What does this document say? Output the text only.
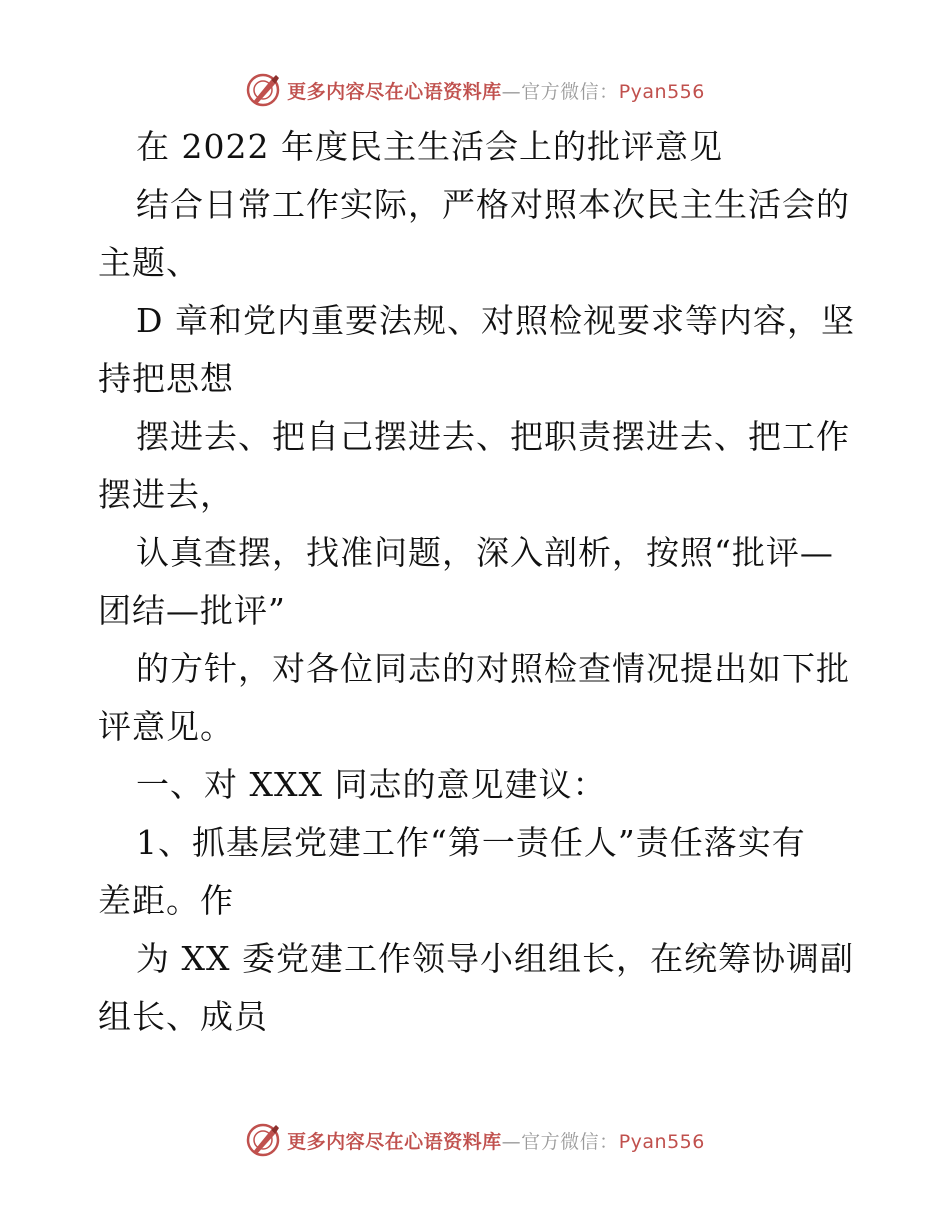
更多内容尽在心语资料库—官方微信：Pyan556
在 2022 年度民主生活会上的批评意见
结合日常工作实际，严格对照本次民主生活会的
主题、
D 章和党内重要法规、对照检视要求等内容，坚
持把思想
摆进去、把自己摆进去、把职责摆进去、把工作
摆进去，
认真查摆，找准问题，深入剖析，按照“批评—
团结—批评”
的方针，对各位同志的对照检查情况提出如下批
评意见。
一、对 XXX 同志的意见建议：
1、抓基层党建工作“第一责任人”责任落实有
差距。作
为 XX 委党建工作领导小组组长，在统筹协调副
组长、成员
更多内容尽在心语资料库—官方微信：Pyan556
